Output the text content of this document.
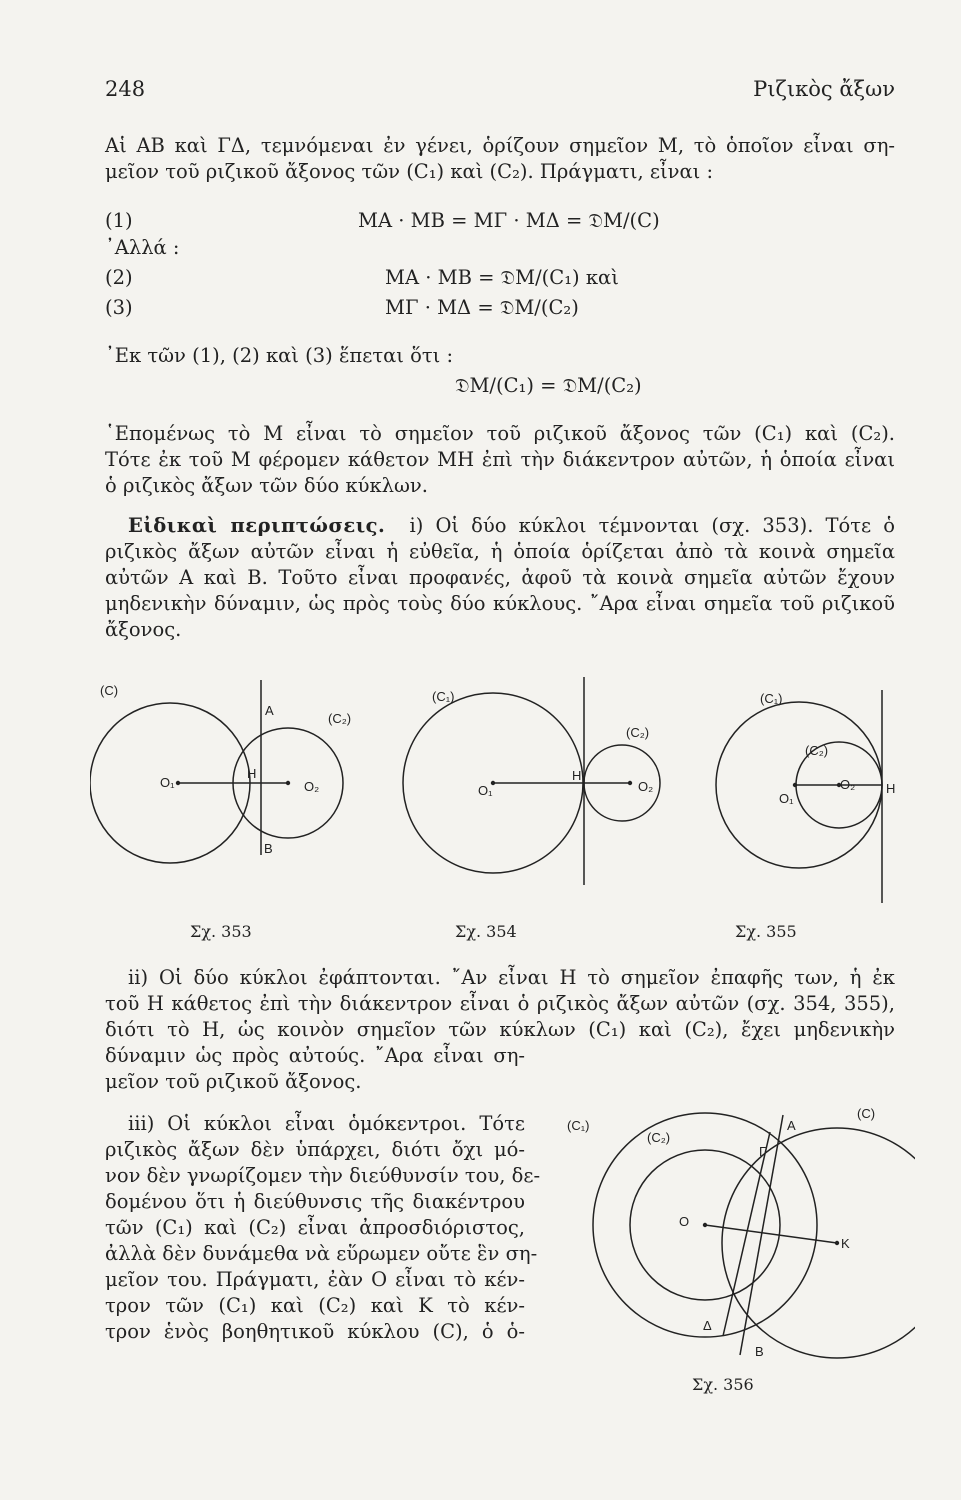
248	Ριζικὸς ἄξων
Αἱ AB καὶ ΓΔ, τεμνόμεναι ἐν γένει, ὁρίζουν σημεῖον Μ, τὸ ὁποῖον εἶναι ση-
μεῖον τοῦ ριζικοῦ ἄξονος τῶν (C₁) καὶ (C₂). Πράγματι, εἶναι :
(1)	MA · MB = MΓ · MΔ = 𝔇M/(C)
᾿Αλλά :
(2)	MA · MB = 𝔇M/(C₁) καὶ
(3)	MΓ · MΔ = 𝔇M/(C₂)
᾿Εκ τῶν (1), (2) καὶ (3) ἕπεται ὅτι :
𝔇M/(C₁) = 𝔇M/(C₂)
῾Επομένως τὸ Μ εἶναι τὸ σημεῖον τοῦ ριζικοῦ ἄξονος τῶν (C₁) καὶ (C₂).
Τότε ἐκ τοῦ Μ φέρομεν κάθετον ΜΗ ἐπὶ τὴν διάκεντρον αὐτῶν, ἡ ὁποία εἶναι
ὁ ριζικὸς ἄξων τῶν δύο κύκλων.
Εἰδικαὶ περιπτώσεις. i) Οἱ δύο κύκλοι τέμνονται (σχ. 353). Τότε ὁ
ριζικὸς ἄξων αὐτῶν εἶναι ἡ εὐθεῖα, ἡ ὁποία ὁρίζεται ἀπὸ τὰ κοινὰ σημεῖα
αὐτῶν A καὶ B. Τοῦτο εἶναι προφανές, ἀφοῦ τὰ κοινὰ σημεῖα αὐτῶν ἔχουν
μηδενικὴν δύναμιν, ὡς πρὸς τοὺς δύο κύκλους. ῎Αρα εἶναι σημεῖα τοῦ ριζικοῦ
ἄξονος.
(C)
(C₂)
A
B
H
O₁	O₂
(C₁)
(C₂)
H
O₁	O₂
(C₁)
(C₂)
H
O₁
O₂
Σχ. 353	Σχ. 354	Σχ. 355
ii) Οἱ δύο κύκλοι ἐφάπτονται. ῎Αν εἶναι Η τὸ σημεῖον ἐπαφῆς των, ἡ ἐκ
τοῦ Η κάθετος ἐπὶ τὴν διάκεντρον εἶναι ὁ ριζικὸς ἄξων αὐτῶν (σχ. 354, 355),
διότι τὸ Η, ὡς κοινὸν σημεῖον τῶν κύκλων (C₁) καὶ (C₂), ἔχει μηδενικὴν
δύναμιν ὡς πρὸς αὐτούς. ῎Αρα εἶναι ση-
μεῖον τοῦ ριζικοῦ ἄξονος.
iii) Οἱ κύκλοι εἶναι ὁμόκεντροι. Τότε
ριζικὸς ἄξων δὲν ὑπάρχει, διότι ὄχι μό-
νον δὲν γνωρίζομεν τὴν διεύθυνσίν του, δε-
δομένου ὅτι ἡ διεύθυνσις τῆς διακέντρου
τῶν (C₁) καὶ (C₂) εἶναι ἀπροσδιόριστος,
ἀλλὰ δὲν δυνάμεθα νὰ εὕρωμεν οὔτε ἓν ση-
μεῖον του. Πράγματι, ἐὰν Ο εἶναι τὸ κέν-
τρον τῶν (C₁) καὶ (C₂) καὶ Κ τὸ κέν-
τρον ἑνὸς βοηθητικοῦ κύκλου (C), ὁ ὁ-
(C₁)
(C₂)
(C)
A
B
Γ
Δ
O
K
Σχ. 356
